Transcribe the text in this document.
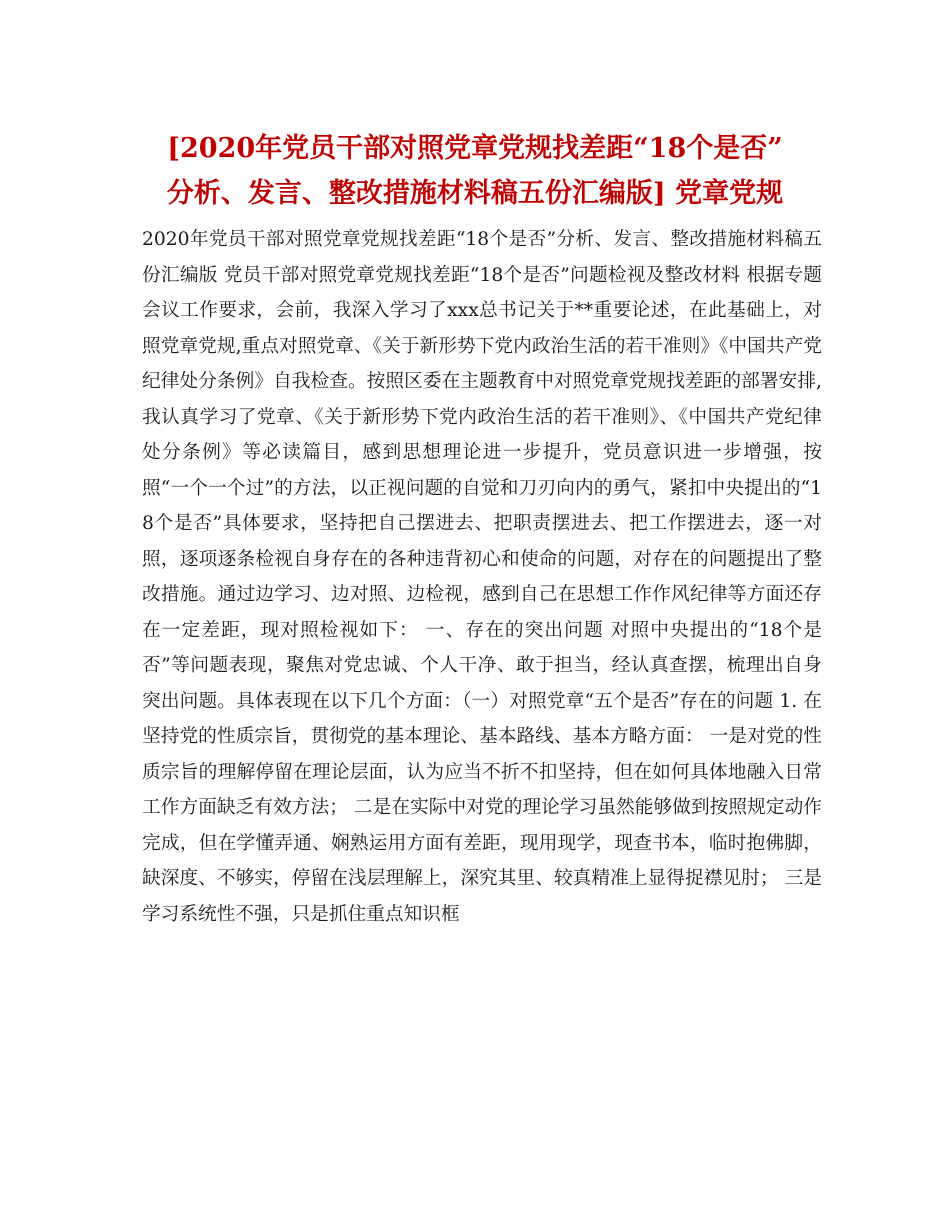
[2020年党员干部对照党章党规找差距“18个是否”
分析、发言、整改措施材料稿五份汇编版] 党章党规

2020年党员干部对照党章党规找差距“18个是否”分析、发言、整改措施材料稿五份汇编版 党员干部对照党章党规找差距“18个是否”问题检视及整改材料 根据专题会议工作要求，会前，我深入学习了xxx总书记关于**重要论述，在此基础上，对照党章党规,重点对照党章、《关于新形势下党内政治生活的若干准则》《中国共产党纪律处分条例》自我检查。按照区委在主题教育中对照党章党规找差距的部署安排,我认真学习了党章、《关于新形势下党内政治生活的若干准则》、《中国共产党纪律处分条例》等必读篇目，感到思想理论进一步提升，党员意识进一步增强，按照“一个一个过”的方法，以正视问题的自觉和刀刃向内的勇气，紧扣中央提出的“18个是否”具体要求，坚持把自己摆进去、把职责摆进去、把工作摆进去，逐一对照，逐项逐条检视自身存在的各种违背初心和使命的问题，对存在的问题提出了整改措施。通过边学习、边对照、边检视，感到自己在思想工作作风纪律等方面还存在一定差距，现对照检视如下： 一、存在的突出问题 对照中央提出的“18个是否”等问题表现，聚焦对党忠诚、个人干净、敢于担当，经认真查摆，梳理出自身突出问题。具体表现在以下几个方面：（一）对照党章“五个是否”存在的问题 1. 在坚持党的性质宗旨，贯彻党的基本理论、基本路线、基本方略方面： 一是对党的性质宗旨的理解停留在理论层面，认为应当不折不扣坚持，但在如何具体地融入日常工作方面缺乏有效方法； 二是在实际中对党的理论学习虽然能够做到按照规定动作完成，但在学懂弄通、娴熟运用方面有差距，现用现学，现查书本，临时抱佛脚，缺深度、不够实，停留在浅层理解上，深究其里、较真精准上显得捉襟见肘； 三是学习系统性不强，只是抓住重点知识框
